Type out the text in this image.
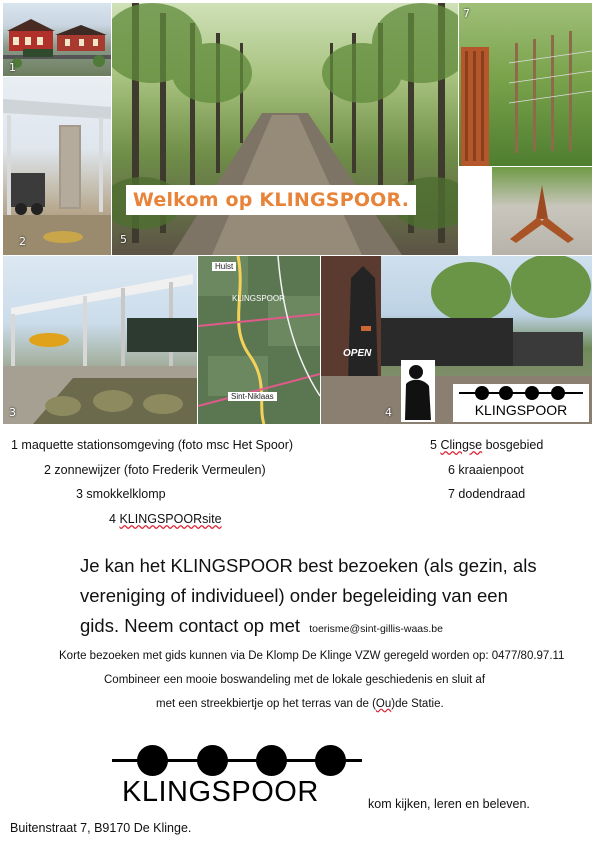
1
2
Welkom op KLINGSPOOR.
5
7
3
Hulst
KLINGSPOOR
Sint-Niklaas
OPEN
4	KLINGSPOOR
1 maquette stationsomgeving (foto msc Het Spoor)
2 zonnewijzer (foto Frederik Vermeulen)
3 smokkelklomp
4 KLINGSPOORsite
5 Clingse bosgebied
6 kraaienpoot
7 dodendraad
Je kan het KLINGSPOOR best bezoeken (als gezin, als
vereniging of individueel) onder begeleiding van een
gids. Neem contact op met toerisme@sint-gillis-waas.be
Korte bezoeken met gids kunnen via De Klomp De Klinge VZW geregeld worden op: 0477/80.97.11
Combineer een mooie boswandeling met de lokale geschiedenis en sluit af
met een streekbiertje op het terras van de (Ou)de Statie.
KLINGSPOOR	kom kijken, leren en beleven.
Buitenstraat 7, B9170 De Klinge.
